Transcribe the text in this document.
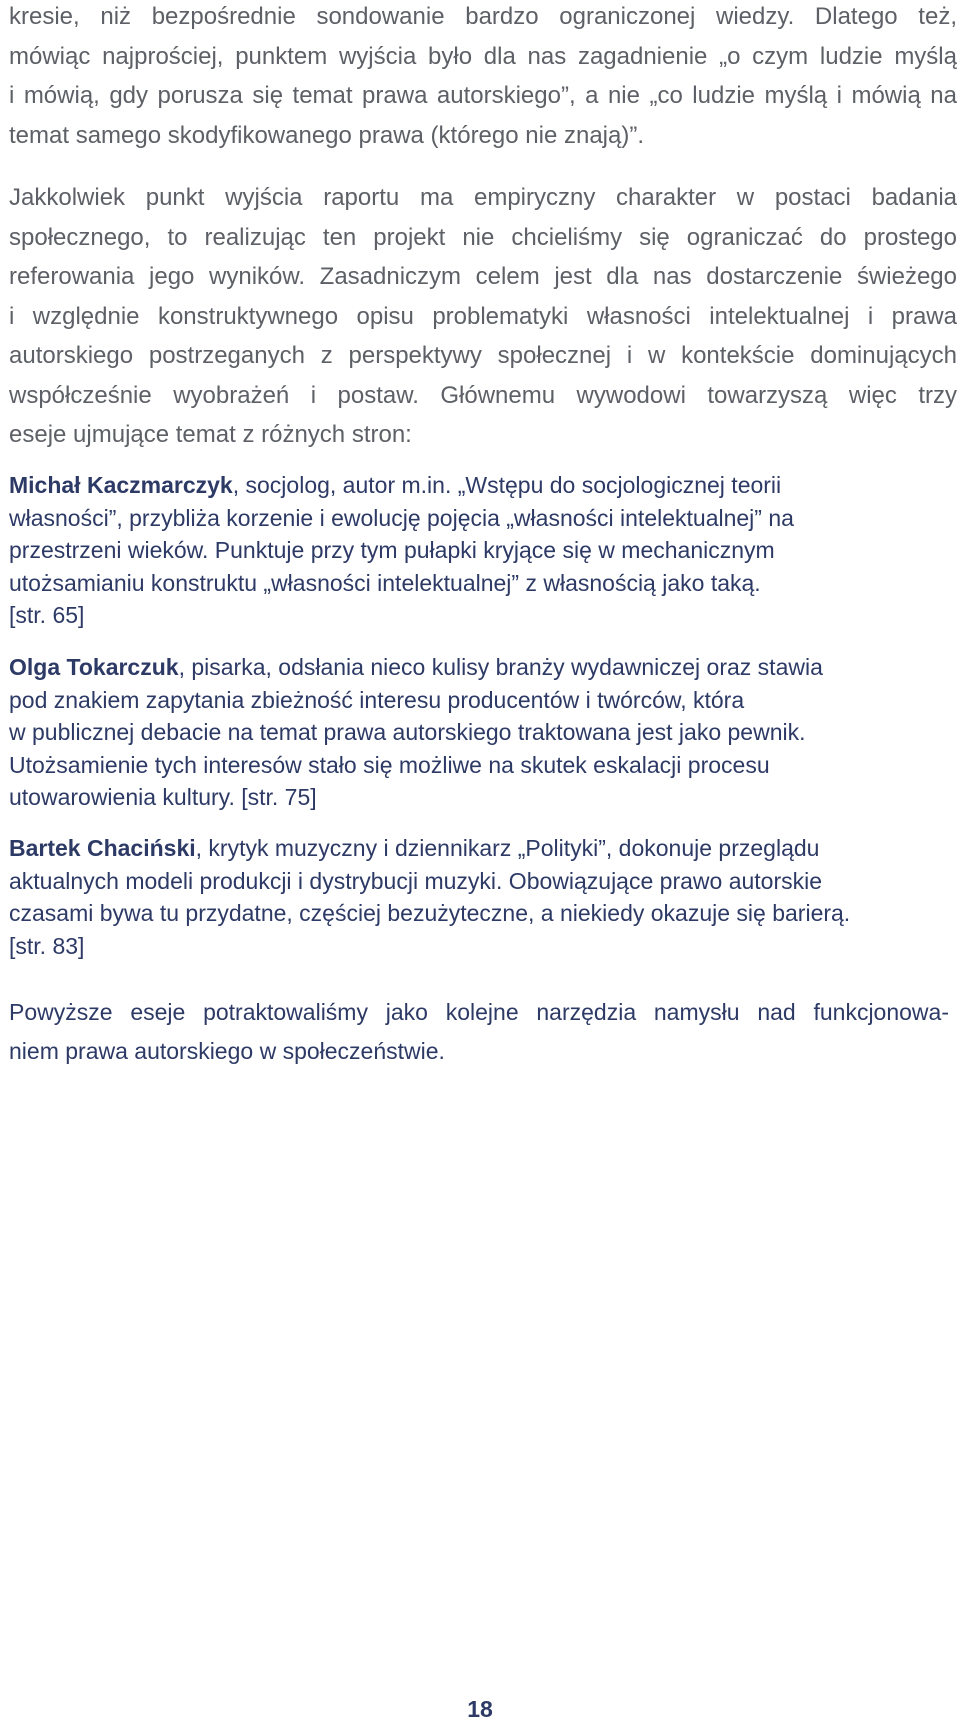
kresie, niż bezpośrednie sondowanie bardzo ograniczonej wiedzy. Dlatego też,
mówiąc najprościej, punktem wyjścia było dla nas zagadnienie „o czym ludzie myślą
i mówią, gdy porusza się temat prawa autorskiego”, a nie „co ludzie myślą i mówią na
temat samego skodyfikowanego prawa (którego nie znają)”.

Jakkolwiek punkt wyjścia raportu ma empiryczny charakter w postaci badania
społecznego, to realizując ten projekt nie chcieliśmy się ograniczać do prostego
referowania jego wyników. Zasadniczym celem jest dla nas dostarczenie świeżego
i względnie konstruktywnego opisu problematyki własności intelektualnej i prawa
autorskiego postrzeganych z perspektywy społecznej i w kontekście dominujących
współcześnie wyobrażeń i postaw. Głównemu wywodowi towarzyszą więc trzy
eseje ujmujące temat z różnych stron:

Michał Kaczmarczyk, socjolog, autor m.in. „Wstępu do socjologicznej teorii
własności”, przybliża korzenie i ewolucję pojęcia „własności intelektualnej” na
przestrzeni wieków. Punktuje przy tym pułapki kryjące się w mechanicznym
utożsamianiu konstruktu „własności intelektualnej” z własnością jako taką.
[str. 65]

Olga Tokarczuk, pisarka, odsłania nieco kulisy branży wydawniczej oraz stawia
pod znakiem zapytania zbieżność interesu producentów i twórców, która
w publicznej debacie na temat prawa autorskiego traktowana jest jako pewnik.
Utożsamienie tych interesów stało się możliwe na skutek eskalacji procesu
utowarowienia kultury. [str. 75]

Bartek Chaciński, krytyk muzyczny i dziennikarz „Polityki”, dokonuje przeglądu
aktualnych modeli produkcji i dystrybucji muzyki. Obowiązujące prawo autorskie
czasami bywa tu przydatne, częściej bezużyteczne, a niekiedy okazuje się barierą.
[str. 83]

Powyższe eseje potraktowaliśmy jako kolejne narzędzia namysłu nad funkcjonowa-
niem prawa autorskiego w społeczeństwie.

18
